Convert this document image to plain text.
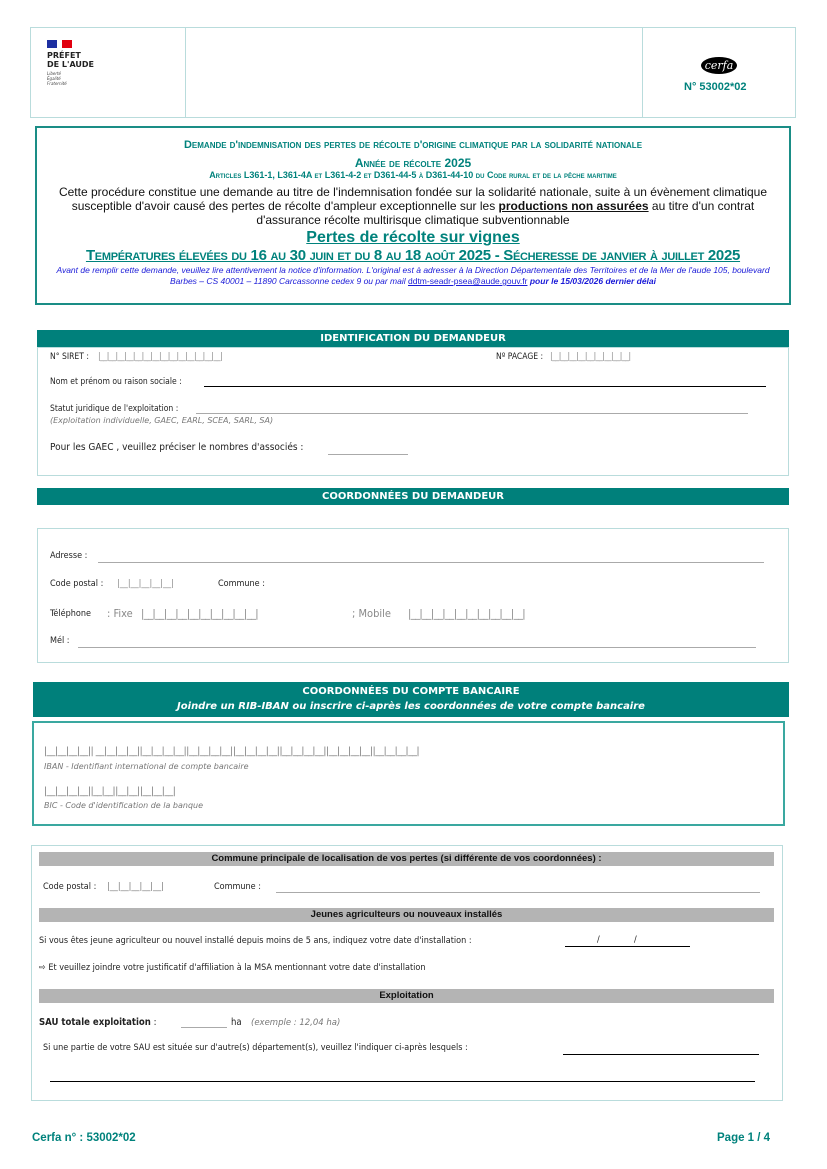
PRÉFET
DE L'AUDE
Liberté Égalité Fraternité
cerfa
N° 53002*02
Demande d'indemnisation des pertes de récolte d'origine climatique par la solidarité nationale
Année de récolte 2025
Articles L361-1, L361-4A et L361-4-2 et D361-44-5 à D361-44-10 du Code rural et de la pêche maritime
Cette procédure constitue une demande au titre de l'indemnisation fondée sur la solidarité nationale, suite à un évènement climatique susceptible d'avoir causé des pertes de récolte d'ampleur exceptionnelle sur les productions non assurées au titre d'un contrat d'assurance récolte multirisque climatique subventionnable
Pertes de récolte sur vignes
Températures élevées du 16 au 30 juin et du 8 au 18 août 2025 - Sécheresse de janvier à juillet 2025
Avant de remplir cette demande, veuillez lire attentivement la notice d'information. L'original est à adresser à la Direction Départementale des Territoires et de la Mer de l'aude 105, boulevard Barbes – CS 40001 – 11890 Carcassonne cedex 9 ou par mail ddtm-seadr-psea@aude.gouv.fr pour le 15/03/2026 dernier délai
IDENTIFICATION DU DEMANDEUR
N° SIRET : |__|__|__|__|__|__|__|__|__|__|__|__|__|__|	Nº PACAGE : |__|__|__|__|__|__|__|__|__|
Nom et prénom ou raison sociale :
Statut juridique de l'exploitation :
(Exploitation individuelle, GAEC, EARL, SCEA, SARL, SA)
Pour les GAEC , veuillez préciser le nombres d'associés :
COORDONNÉES DU DEMANDEUR
Adresse :
Code postal : |__|__|__|__|__|	Commune :
Téléphone : Fixe |__|__|__|__|__|__|__|__|__|__|	; Mobile |__|__|__|__|__|__|__|__|__|__|
Mél :
COORDONNÉES DU COMPTE BANCAIRE
Joindre un RIB-IBAN ou inscrire ci-après les coordonnées de votre compte bancaire
|__|__|__|__|| __|__|__|__||__|__|__|__||__|__|__|__||__|__|__|__||__|__|__|__||__|__|__|__||__|__|__|__|
IBAN - Identifiant international de compte bancaire
|__|__|__|__||__|__||__|__||__|__|__|
BIC - Code d'identification de la banque
Commune principale de localisation de vos pertes (si différente de vos coordonnées) :
Code postal : |__|__|__|__|__|	Commune :
Jeunes agriculteurs ou nouveaux installés
Si vous êtes jeune agriculteur ou nouvel installé depuis moins de 5 ans, indiquez votre date d'installation :	/	/
⇨ Et veuillez joindre votre justificatif d'affiliation à la MSA mentionnant votre date d'installation
Exploitation
SAU totale exploitation :	ha (exemple : 12,04 ha)
Si une partie de votre SAU est située sur d'autre(s) département(s), veuillez l'indiquer ci-après lesquels :
Cerfa n° : 53002*02	Page 1 / 4
